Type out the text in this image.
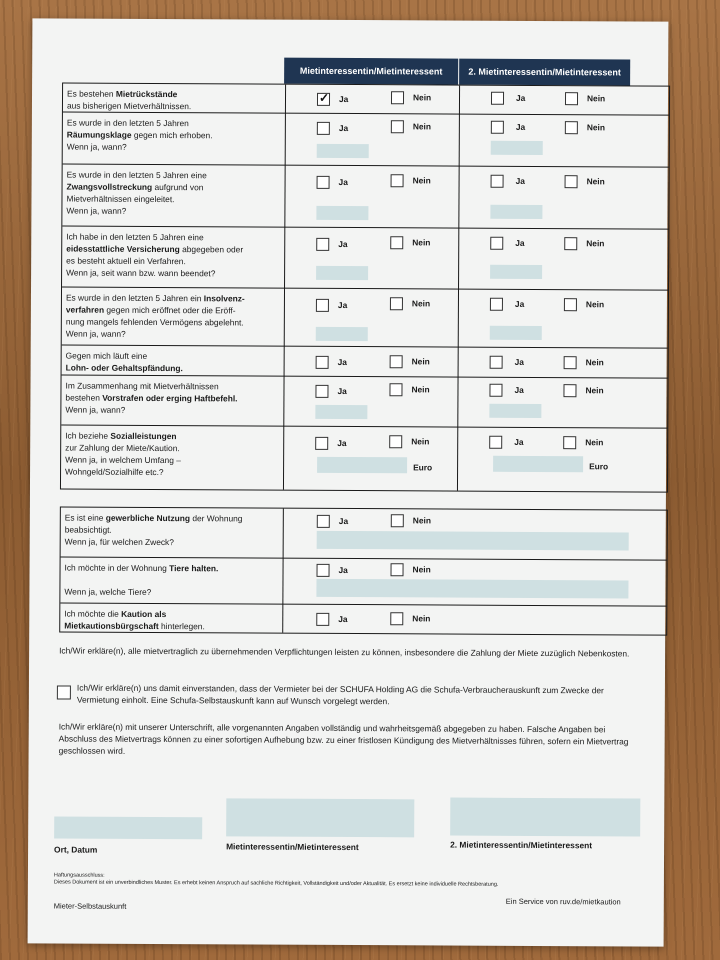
Mietinteressentin/Mietinteressent	2. Mietinteressentin/Mietinteressent
Es bestehen Mietrückstände
aus bisherigen Mietverhältnissen.
✓
Ja	Nein	Ja	Nein
Es wurde in den letzten 5 Jahren
Räumungsklage gegen mich erhoben.
Wenn ja, wann?
Ja	Nein	Ja	Nein
Es wurde in den letzten 5 Jahren eine
Zwangsvollstreckung aufgrund von
Mietverhältnissen eingeleitet.
Wenn ja, wann?
Ja	Nein	Ja	Nein
Ich habe in den letzten 5 Jahren eine
eidesstattliche Versicherung abgegeben oder
es besteht aktuell ein Verfahren.
Wenn ja, seit wann bzw. wann beendet?
Ja	Nein	Ja	Nein
Es wurde in den letzten 5 Jahren ein Insolvenz-
verfahren gegen mich eröffnet oder die Eröff-
nung mangels fehlenden Vermögens abgelehnt.
Wenn ja, wann?
Ja	Nein	Ja	Nein
Gegen mich läuft eine
Lohn- oder Gehaltspfändung.
Ja	Nein	Ja	Nein
Im Zusammenhang mit Mietverhältnissen
bestehen Vorstrafen oder erging Haftbefehl.
Wenn ja, wann?
Ja	Nein	Ja	Nein
Ich beziehe Sozialleistungen
zur Zahlung der Miete/Kaution.
Wenn ja, in welchem Umfang –
Wohngeld/Sozialhilfe etc.?
Ja	Nein	Ja	Nein
Euro	Euro
Es ist eine gewerbliche Nutzung der Wohnung
beabsichtigt.
Wenn ja, für welchen Zweck?
Ja	Nein
Ich möchte in der Wohnung Tiere halten.

Wenn ja, welche Tiere?
Ja	Nein
Ich möchte die Kaution als
Mietkautionsbürgschaft hinterlegen.
Ja	Nein
Ich/Wir erkläre(n), alle mietvertraglich zu übernehmenden Verpflichtungen leisten zu können, insbesondere die Zahlung der Miete zuzüglich Nebenkosten.
Ich/Wir erkläre(n) uns damit einverstanden, dass der Vermieter bei der SCHUFA Holding AG die Schufa-Verbraucherauskunft zum Zwecke der Vermietung einholt. Eine Schufa-Selbstauskunft kann auf Wunsch vorgelegt werden.
Ich/Wir erkläre(n) mit unserer Unterschrift, alle vorgenannten Angaben vollständig und wahrheitsgemäß abgegeben zu haben. Falsche Angaben bei Abschluss des Mietvertrags können zu einer sofortigen Aufhebung bzw. zu einer fristlosen Kündigung des Mietverhältnisses führen, sofern ein Mietvertrag geschlossen wird.
Ort, Datum	Mietinteressentin/Mietinteressent	2. Mietinteressentin/Mietinteressent
Haftungsausschluss:
Dieses Dokument ist ein unverbindliches Muster. Es erhebt keinen Anspruch auf sachliche Richtigkeit, Vollständigkeit und/oder Aktualität. Es ersetzt keine individuelle Rechtsberatung.
Mieter-Selbstauskunft	Ein Service von ruv.de/mietkaution
